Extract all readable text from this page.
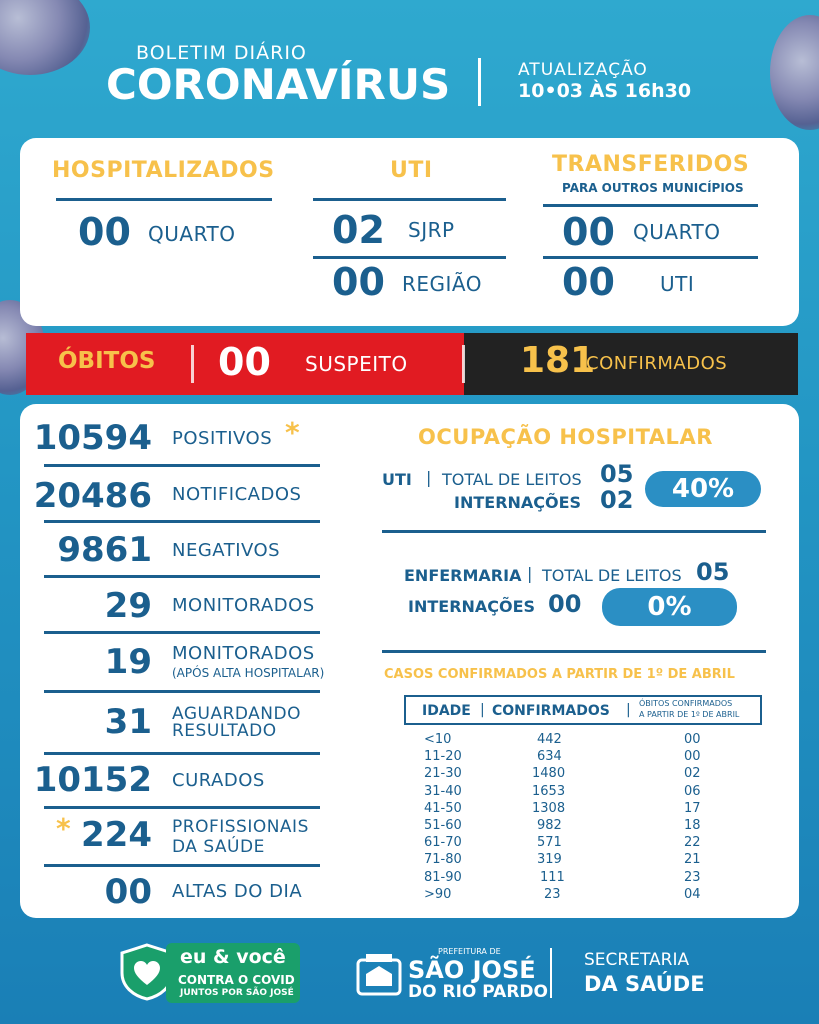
BOLETIM DIÁRIO
CORONAVÍRUS	ATUALIZAÇÃO
10•03 ÀS 16h30
HOSPITALIZADOS
00 QUARTO
UTI
02 SJRP
00 REGIÃO
TRANSFERIDOS
PARA OUTROS MUNICÍPIOS
00 QUARTO
00 UTI
ÓBITOS 00 SUSPEITO	181
CONFIRMADOS
10594 POSITIVOS *
20486 NOTIFICADOS
9861 NEGATIVOS
29 MONITORADOS
19 MONITORADOS
(APÓS ALTA HOSPITALAR)
31 AGUARDANDO
RESULTADO
10152 CURADOS
* 224 PROFISSIONAIS
DA SAÚDE
00 ALTAS DO DIA
OCUPAÇÃO HOSPITALAR
UTI | TOTAL DE LEITOS 05
INTERNAÇÕES 02	40%
ENFERMARIA | TOTAL DE LEITOS 05
INTERNAÇÕES 00	0%
CASOS CONFIRMADOS A PARTIR DE 1º DE ABRIL
IDADE | CONFIRMADOS | ÓBITOS CONFIRMADOS
A PARTIR DE 1º DE ABRIL
<10	442	00
11-20	634	00
21-30	1480	02
31-40	1653	06
41-50	1308	17
51-60	982	18
61-70	571	22
71-80	319	21
81-90	111	23
>90	23	04
eu & você
CONTRA O COVID
JUNTOS POR SÃO JOSÉ
PREFEITURA DE
SÃO JOSÉ
DO RIO PARDO
SECRETARIA
DA SAÚDE
